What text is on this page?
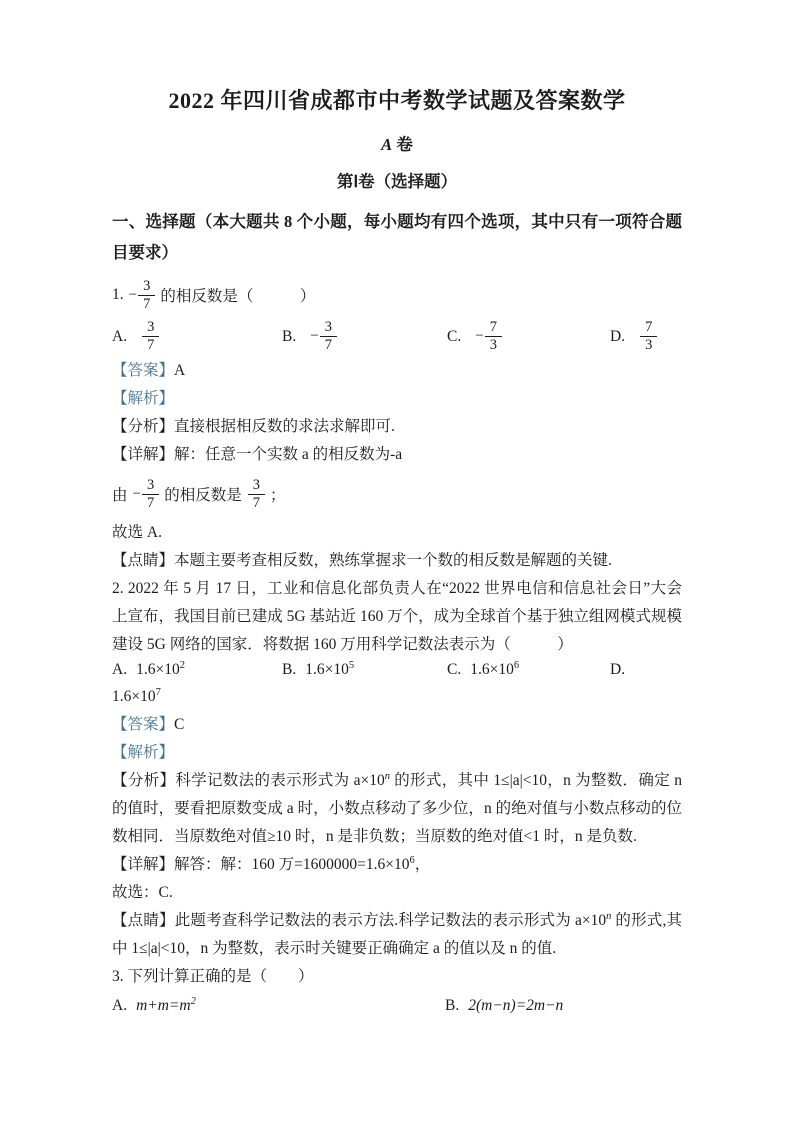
2022 年四川省成都市中考数学试题及答案数学
A 卷
第Ⅰ卷（选择题）

一、选择题（本大题共 8 个小题，每小题均有四个选项，其中只有一项符合题目要求）

1. − $\frac{3}{7}$ 的相反数是（　　　）
A. $\frac{3}{7}$	B. − $\frac{3}{7}$	C. − $\frac{7}{3}$	D. $\frac{7}{3}$

【答案】A

【解析】

【分析】直接根据相反数的求法求解即可.

【详解】解：任意一个实数 a 的相反数为-a

由 − $\frac{3}{7}$ 的相反数是 $\frac{3}{7}$ ；

故选 A.

【点睛】本题主要考查相反数，熟练掌握求一个数的相反数是解题的关键.

2. 2022 年 5 月 17 日，工业和信息化部负责人在“2022 世界电信和信息社会日”大会上宣布，我国目前已建成 5G 基站近 160 万个，成为全球首个基于独立组网模式规模建设 5G 网络的国家．将数据 160 万用科学记数法表示为（　　　）

A. $1.6\times 10^2$	B. $1.6\times 10^5$	C. $1.6\times 10^6$	D.

$1.6\times 10^7$

【答案】C

【解析】

【分析】科学记数法的表示形式为 $a\times 10^n$ 的形式，其中 1≤|a|<10，n 为整数．确定 n 的值时，要看把原数变成 a 时，小数点移动了多少位，n 的绝对值与小数点移动的位数相同．当原数绝对值≥10 时，n 是非负数；当原数的绝对值<1 时，n 是负数.

【详解】解答：解：160 万$=1600000=1.6\times 10^6$，

故选：C.

【点睛】此题考查科学记数法的表示方法.科学记数法的表示形式为 $a\times 10^n$ 的形式,其中 1≤|a|<10，n 为整数，表示时关键要正确确定 a 的值以及 n 的值.

3. 下列计算正确的是（　　）

A. $m+m=m^2$	B. 2(m−n)=2m−n
